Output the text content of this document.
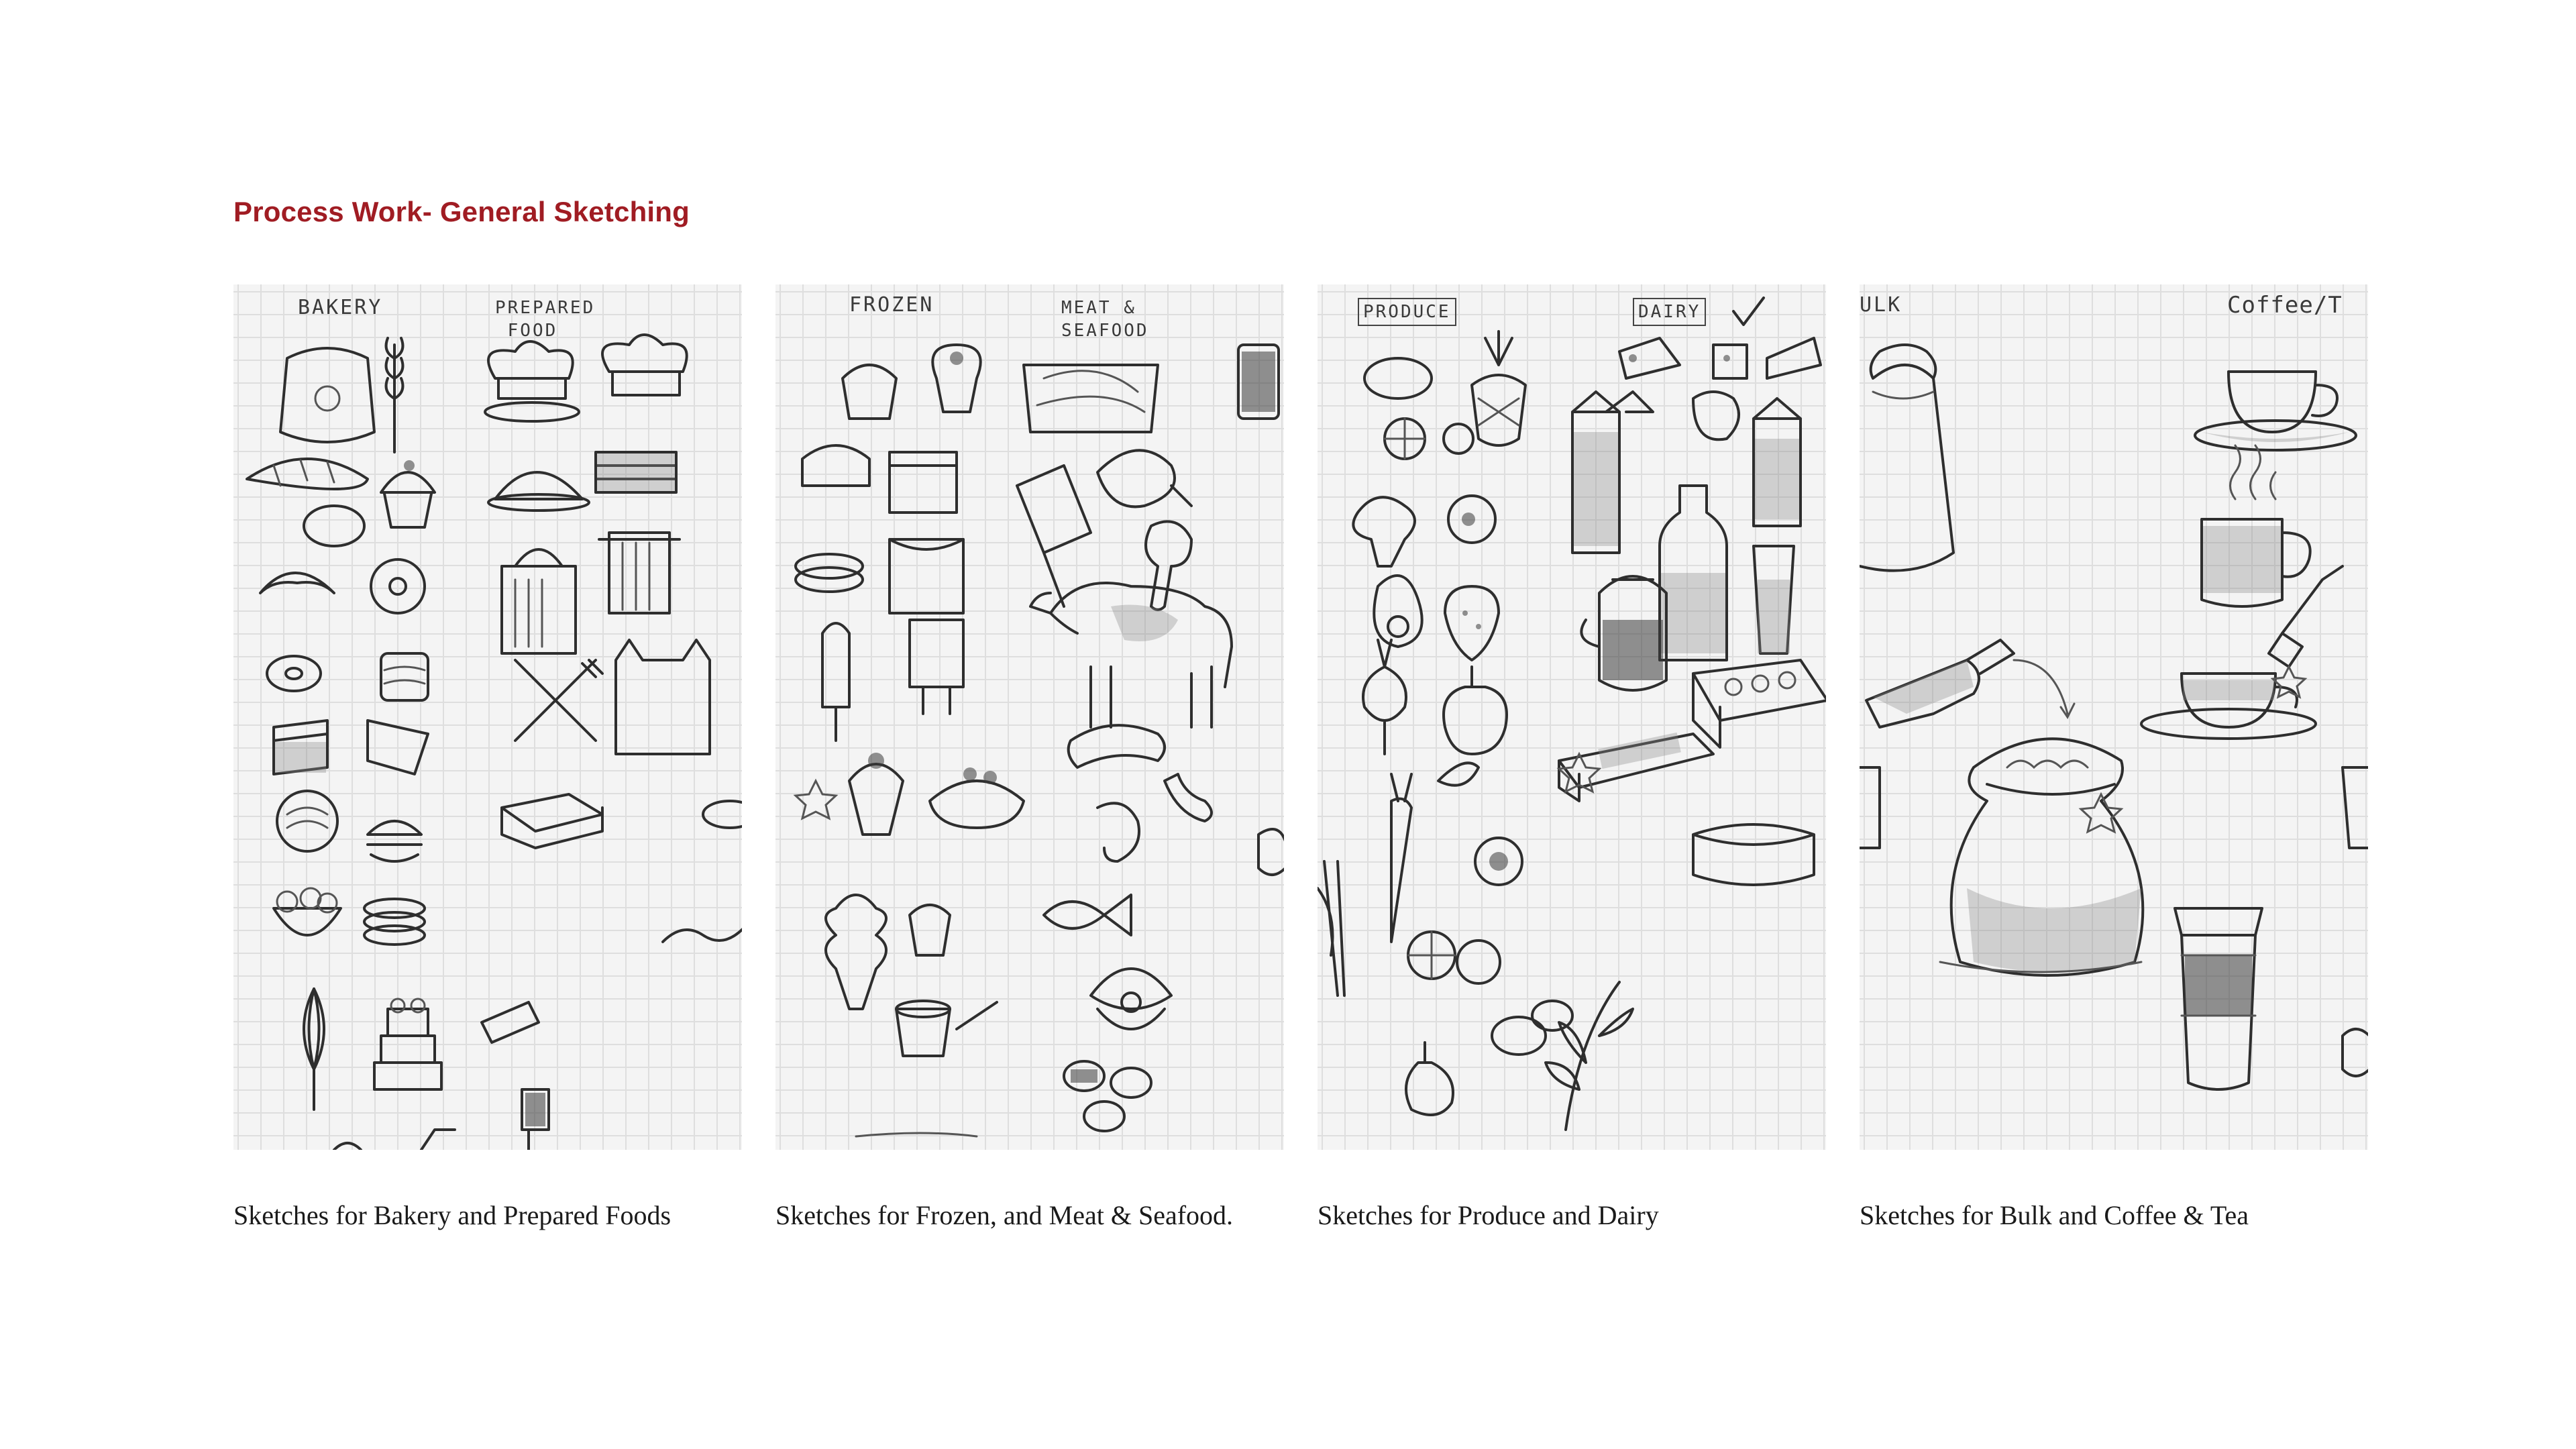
Process Work- General Sketching
BAKERY	PREPARED
FOOD
Sketches for Bakery and Prepared Foods
FROZEN	MEAT &
SEAFOOD
Sketches for Frozen, and Meat & Seafood.
PRODUCE	DAIRY
Sketches for Produce and Dairy
ULK	Coffee/T
Sketches for Bulk and Coffee & Tea
